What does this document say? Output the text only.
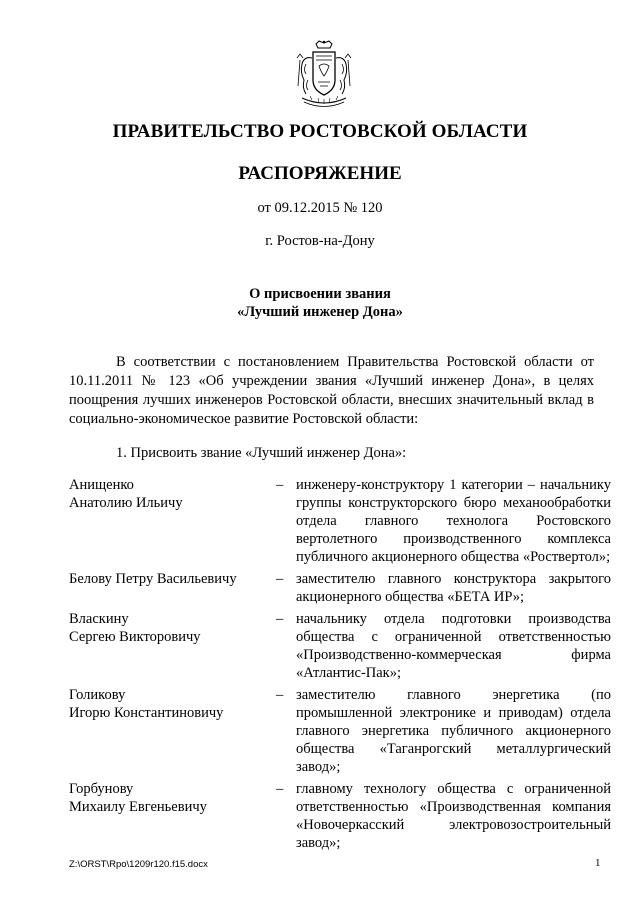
ПРАВИТЕЛЬСТВО РОСТОВСКОЙ ОБЛАСТИ
РАСПОРЯЖЕНИЕ
от 09.12.2015 № 120
г. Ростов-на-Дону
О присвоении звания
«Лучший инженер Дона»
В соответствии с постановлением Правительства Ростовской области от 10.11.2011 № 123 «Об учреждении звания «Лучший инженер Дона», в целях поощрения лучших инженеров Ростовской области, внесших значительный вклад в социально-экономическое развитие Ростовской области:
1. Присвоить звание «Лучший инженер Дона»:
Анищенко
Анатолию Ильичу
– инженеру-конструктору 1 категории – начальнику группы конструкторского бюро механообработки отдела главного технолога Ростовского вертолетного производственного комплекса публичного акционерного общества «Роствертол»;
Белову Петру Васильевичу	– заместителю главного конструктора закрытого акционерного общества «БЕТА ИР»;
Власкину
Сергею Викторовичу
– начальнику отдела подготовки производства общества с ограниченной ответственностью «Производственно-коммерческая фирма «Атлантис-Пак»;
Голикову
Игорю Константиновичу
– заместителю главного энергетика (по промышленной электронике и приводам) отдела главного энергетика публичного акционерного общества «Таганрогский металлургический завод»;
Горбунову
Михаилу Евгеньевичу
– главному технологу общества с ограниченной ответственностью «Производственная компания «Новочеркасский электровозостроительный завод»;
Z:\ORST\Rpo\1209r120.f15.docx	1
